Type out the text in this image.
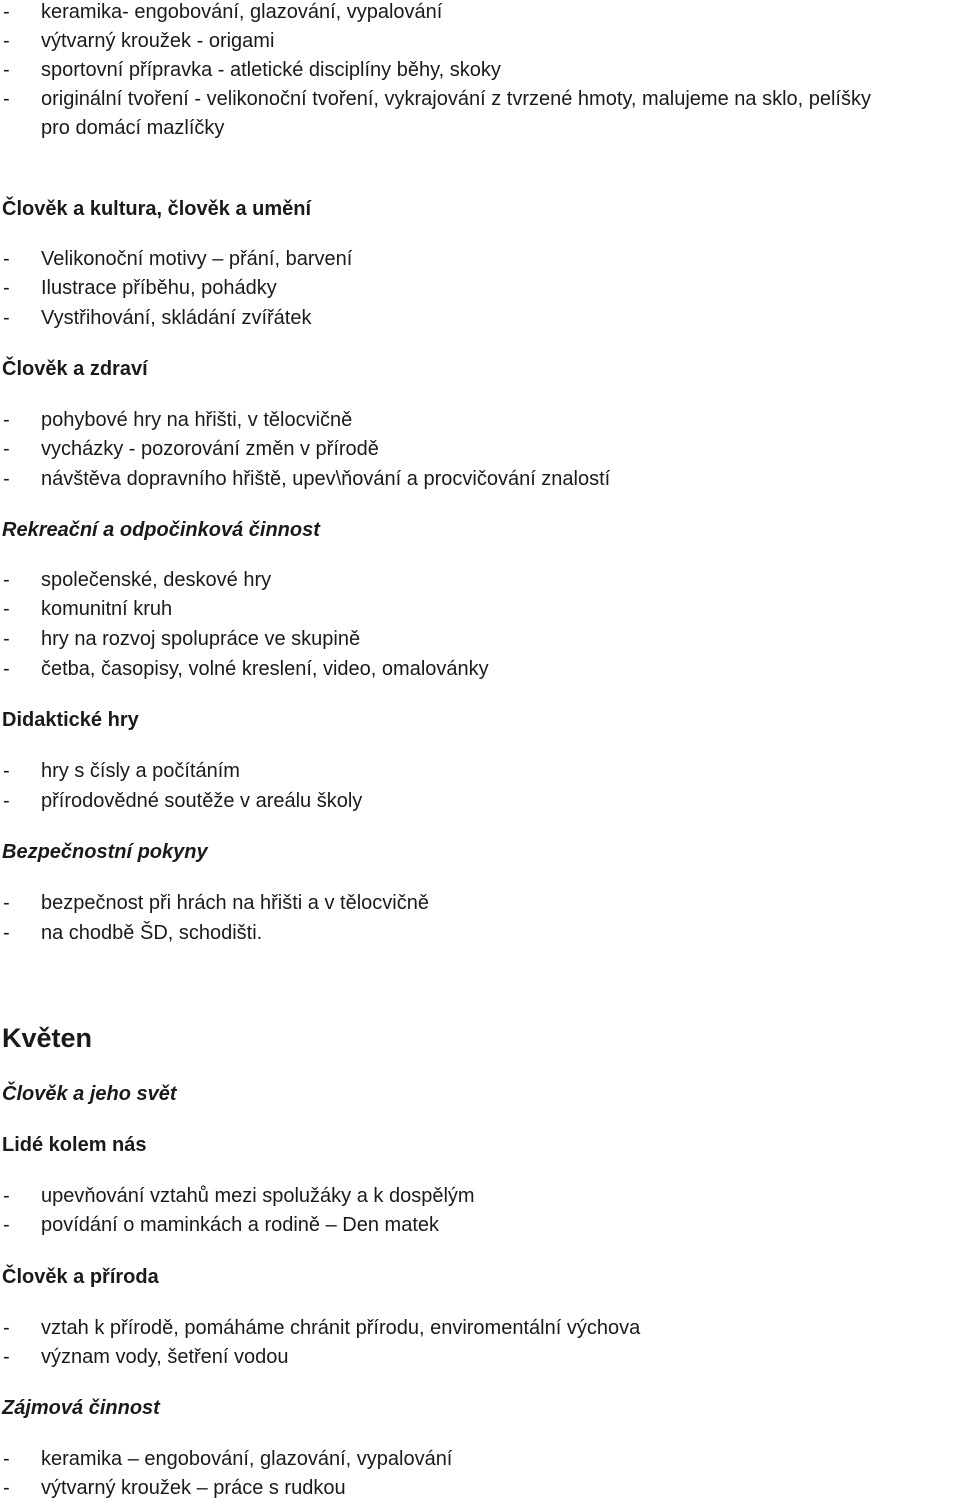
- keramika- engobování, glazování, vypalování
- výtvarný kroužek - origami
- sportovní přípravka - atletické disciplíny běhy, skoky
- originální tvoření - velikonoční tvoření, vykrajování z tvrzené hmoty, malujeme na sklo, pelíšky
pro domácí mazlíčky
Člověk a kultura, člověk a umění
- Velikonoční motivy – přání, barvení
- Ilustrace příběhu, pohádky
- Vystřihování, skládání zvířátek
Člověk a zdraví
- pohybové hry na hřišti, v tělocvičně
- vycházky - pozorování změn v přírodě
- návštěva dopravního hřiště, upev\ňování a procvičování znalostí
Rekreační a odpočinková činnost
- společenské, deskové hry
- komunitní kruh
- hry na rozvoj spolupráce ve skupině
- četba, časopisy, volné kreslení, video, omalovánky
Didaktické hry
- hry s čísly a počítáním
- přírodovědné soutěže v areálu školy
Bezpečnostní pokyny
- bezpečnost při hrách na hřišti a v tělocvičně
- na chodbě ŠD, schodišti.
Květen
Člověk a jeho svět
Lidé kolem nás
- upevňování vztahů mezi spolužáky a k dospělým
- povídání o maminkách a rodině – Den matek
Člověk a příroda
- vztah k přírodě, pomáháme chránit přírodu, enviromentální výchova
- význam vody, šetření vodou
Zájmová činnost
- keramika – engobování, glazování, vypalování
- výtvarný kroužek – práce s rudkou
